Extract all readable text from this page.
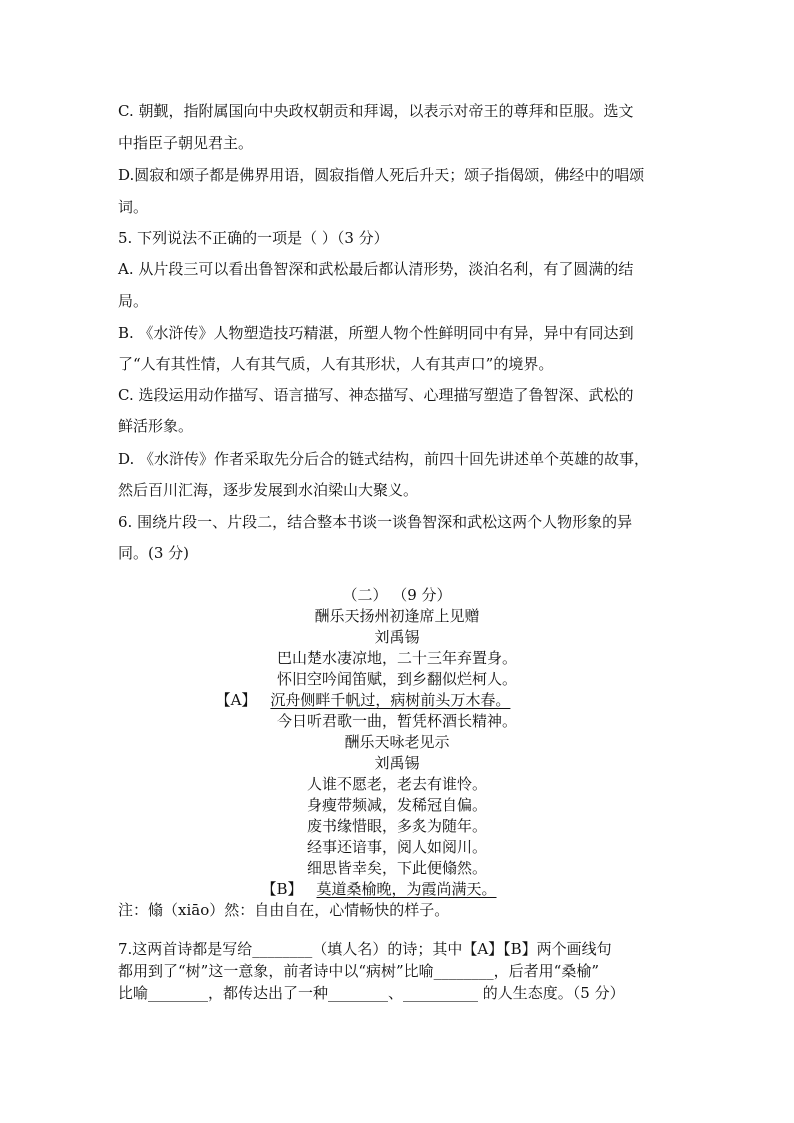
C. 朝觐，指附属国向中央政权朝贡和拜谒，以表示对帝王的尊拜和臣服。选文
中指臣子朝见君主。
D.圆寂和颂子都是佛界用语，圆寂指僧人死后升天；颂子指偈颂，佛经中的唱颂
词。
5. 下列说法不正确的一项是（ ）（3 分）
A. 从片段三可以看出鲁智深和武松最后都认清形势，淡泊名利，有了圆满的结
局。
B. 《水浒传》人物塑造技巧精湛，所塑人物个性鲜明同中有异，异中有同达到
了“人有其性情，人有其气质，人有其形状，人有其声口”的境界。
C. 选段运用动作描写、语言描写、神态描写、心理描写塑造了鲁智深、武松的
鲜活形象。
D. 《水浒传》作者采取先分后合的链式结构，前四十回先讲述单个英雄的故事，
然后百川汇海，逐步发展到水泊梁山大聚义。
6. 围绕片段一、片段二，结合整本书谈一谈鲁智深和武松这两个人物形象的异
同。(3 分)
（二） （9 分）
酬乐天扬州初逢席上见赠
刘禹锡
巴山楚水凄凉地，二十三年弃置身。
怀旧空吟闻笛赋，到乡翻似烂柯人。
【A】 沉舟侧畔千帆过，病树前头万木春。
今日听君歌一曲，暂凭杯酒长精神。
酬乐天咏老见示
刘禹锡
人谁不愿老，老去有谁怜。
身瘦带频减，发稀冠自偏。
废书缘惜眼，多炙为随年。
经事还谙事，阅人如阅川。
细思皆幸矣，下此便翛然。
【B】 莫道桑榆晚，为霞尚满天。
注：翛（xiāo）然：自由自在，心情畅快的样子。
7.这两首诗都是写给________（填人名）的诗；其中【A】【B】两个画线句
都用到了“树”这一意象，前者诗中以“病树”比喻________，后者用“桑榆”
比喻________，都传达出了一种________、__________ 的人生态度。（5 分）
